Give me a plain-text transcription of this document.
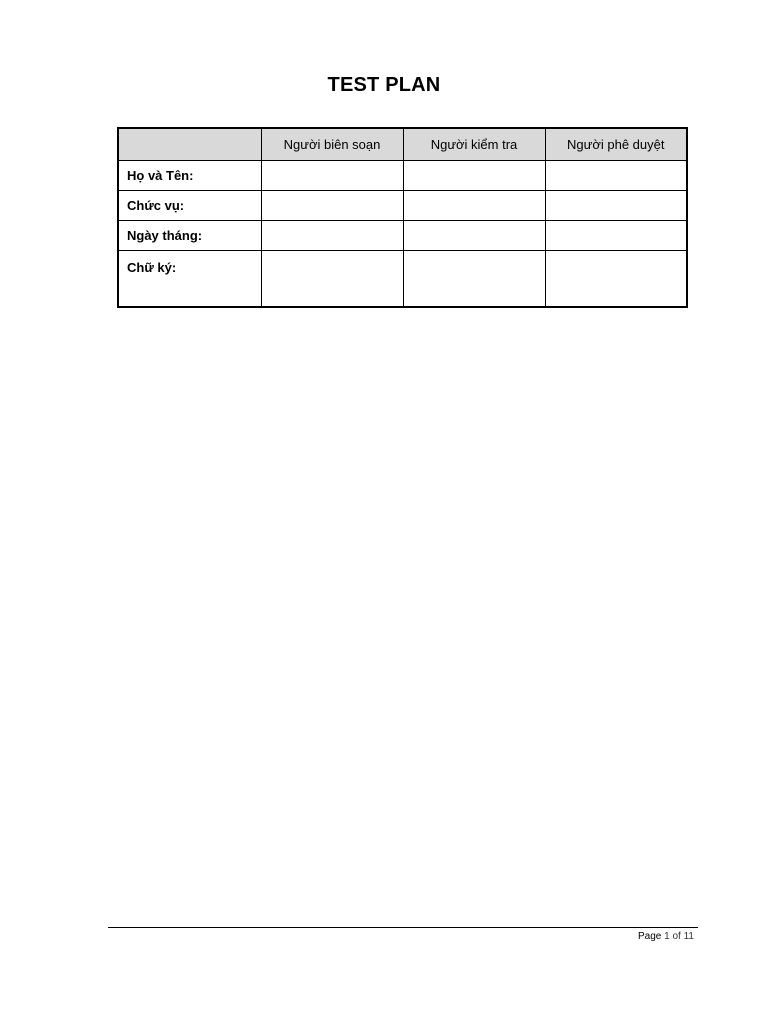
TEST PLAN
	Người biên soạn	Người kiểm tra	Người phê duyệt
Họ và Tên:			
Chức vụ:			
Ngày tháng:			
Chữ ký:			
Page 1 of 11
